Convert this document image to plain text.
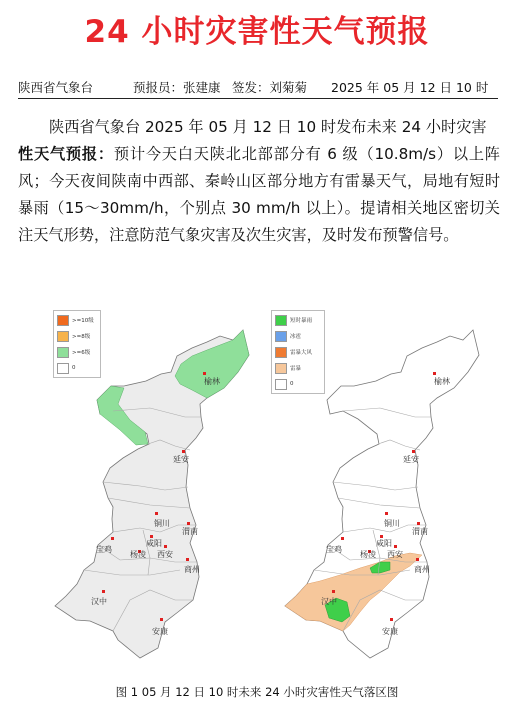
24 小时灾害性天气预报
陕西省气象台	预报员：张建康 签发：刘菊菊 2025 年 05 月 12 日 10 时

陕西省气象台 2025 年 05 月 12 日 10 时发布未来 24 小时灾害
性天气预报：预计今天白天陕北北部部分有 6 级（10.8m/s）以上阵风；今天夜间陕南中西部、秦岭山区部分地方有雷暴天气，局地有短时暴雨（15～30mm/h，个别点 30 mm/h 以上）。提请相关地区密切关注天气形势，注意防范气象灾害及次生灾害，及时发布预警信号。

榆林
延安
铜川
宝鸡
咸阳
杨凌 西安
渭南
汉中
商州
安康
>=10级
>=8级
>=6级
0
榆林
延安
铜川
宝鸡
咸阳
杨凌 西安
渭南
汉中
商州
安康
短时暴雨
冰雹
雷暴大风
雷暴
0
图 1 05 月 12 日 10 时未来 24 小时灾害性天气落区图
